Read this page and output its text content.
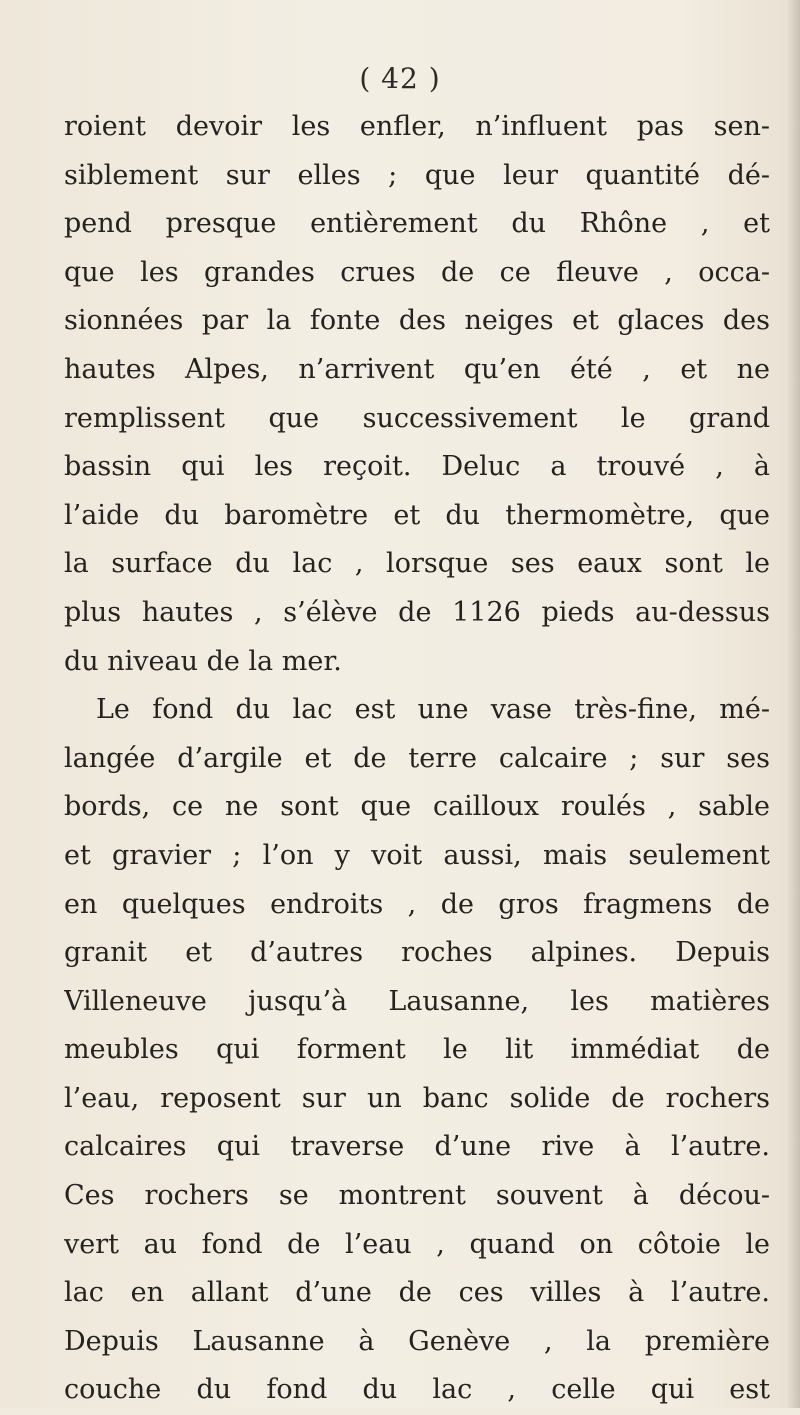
( 42 )
roient devoir les enfler, n’influent pas sen-
siblement sur elles ; que leur quantité dé-
pend presque entièrement du Rhône , et
que les grandes crues de ce fleuve , occa-
sionnées par la fonte des neiges et glaces des
hautes Alpes, n’arrivent qu’en été , et ne
remplissent que successivement le grand
bassin qui les reçoit. Deluc a trouvé , à
l’aide du baromètre et du thermomètre, que
la surface du lac , lorsque ses eaux sont le
plus hautes , s’élève de 1126 pieds au-dessus
du niveau de la mer.
Le fond du lac est une vase très-fine, mé-
langée d’argile et de terre calcaire ; sur ses
bords, ce ne sont que cailloux roulés , sable
et gravier ; l’on y voit aussi, mais seulement
en quelques endroits , de gros fragmens de
granit et d’autres roches alpines. Depuis
Villeneuve jusqu’à Lausanne, les matières
meubles qui forment le lit immédiat de
l’eau, reposent sur un banc solide de rochers
calcaires qui traverse d’une rive à l’autre.
Ces rochers se montrent souvent à décou-
vert au fond de l’eau , quand on côtoie le
lac en allant d’une de ces villes à l’autre.
Depuis Lausanne à Genève , la première
couche du fond du lac , celle qui est
